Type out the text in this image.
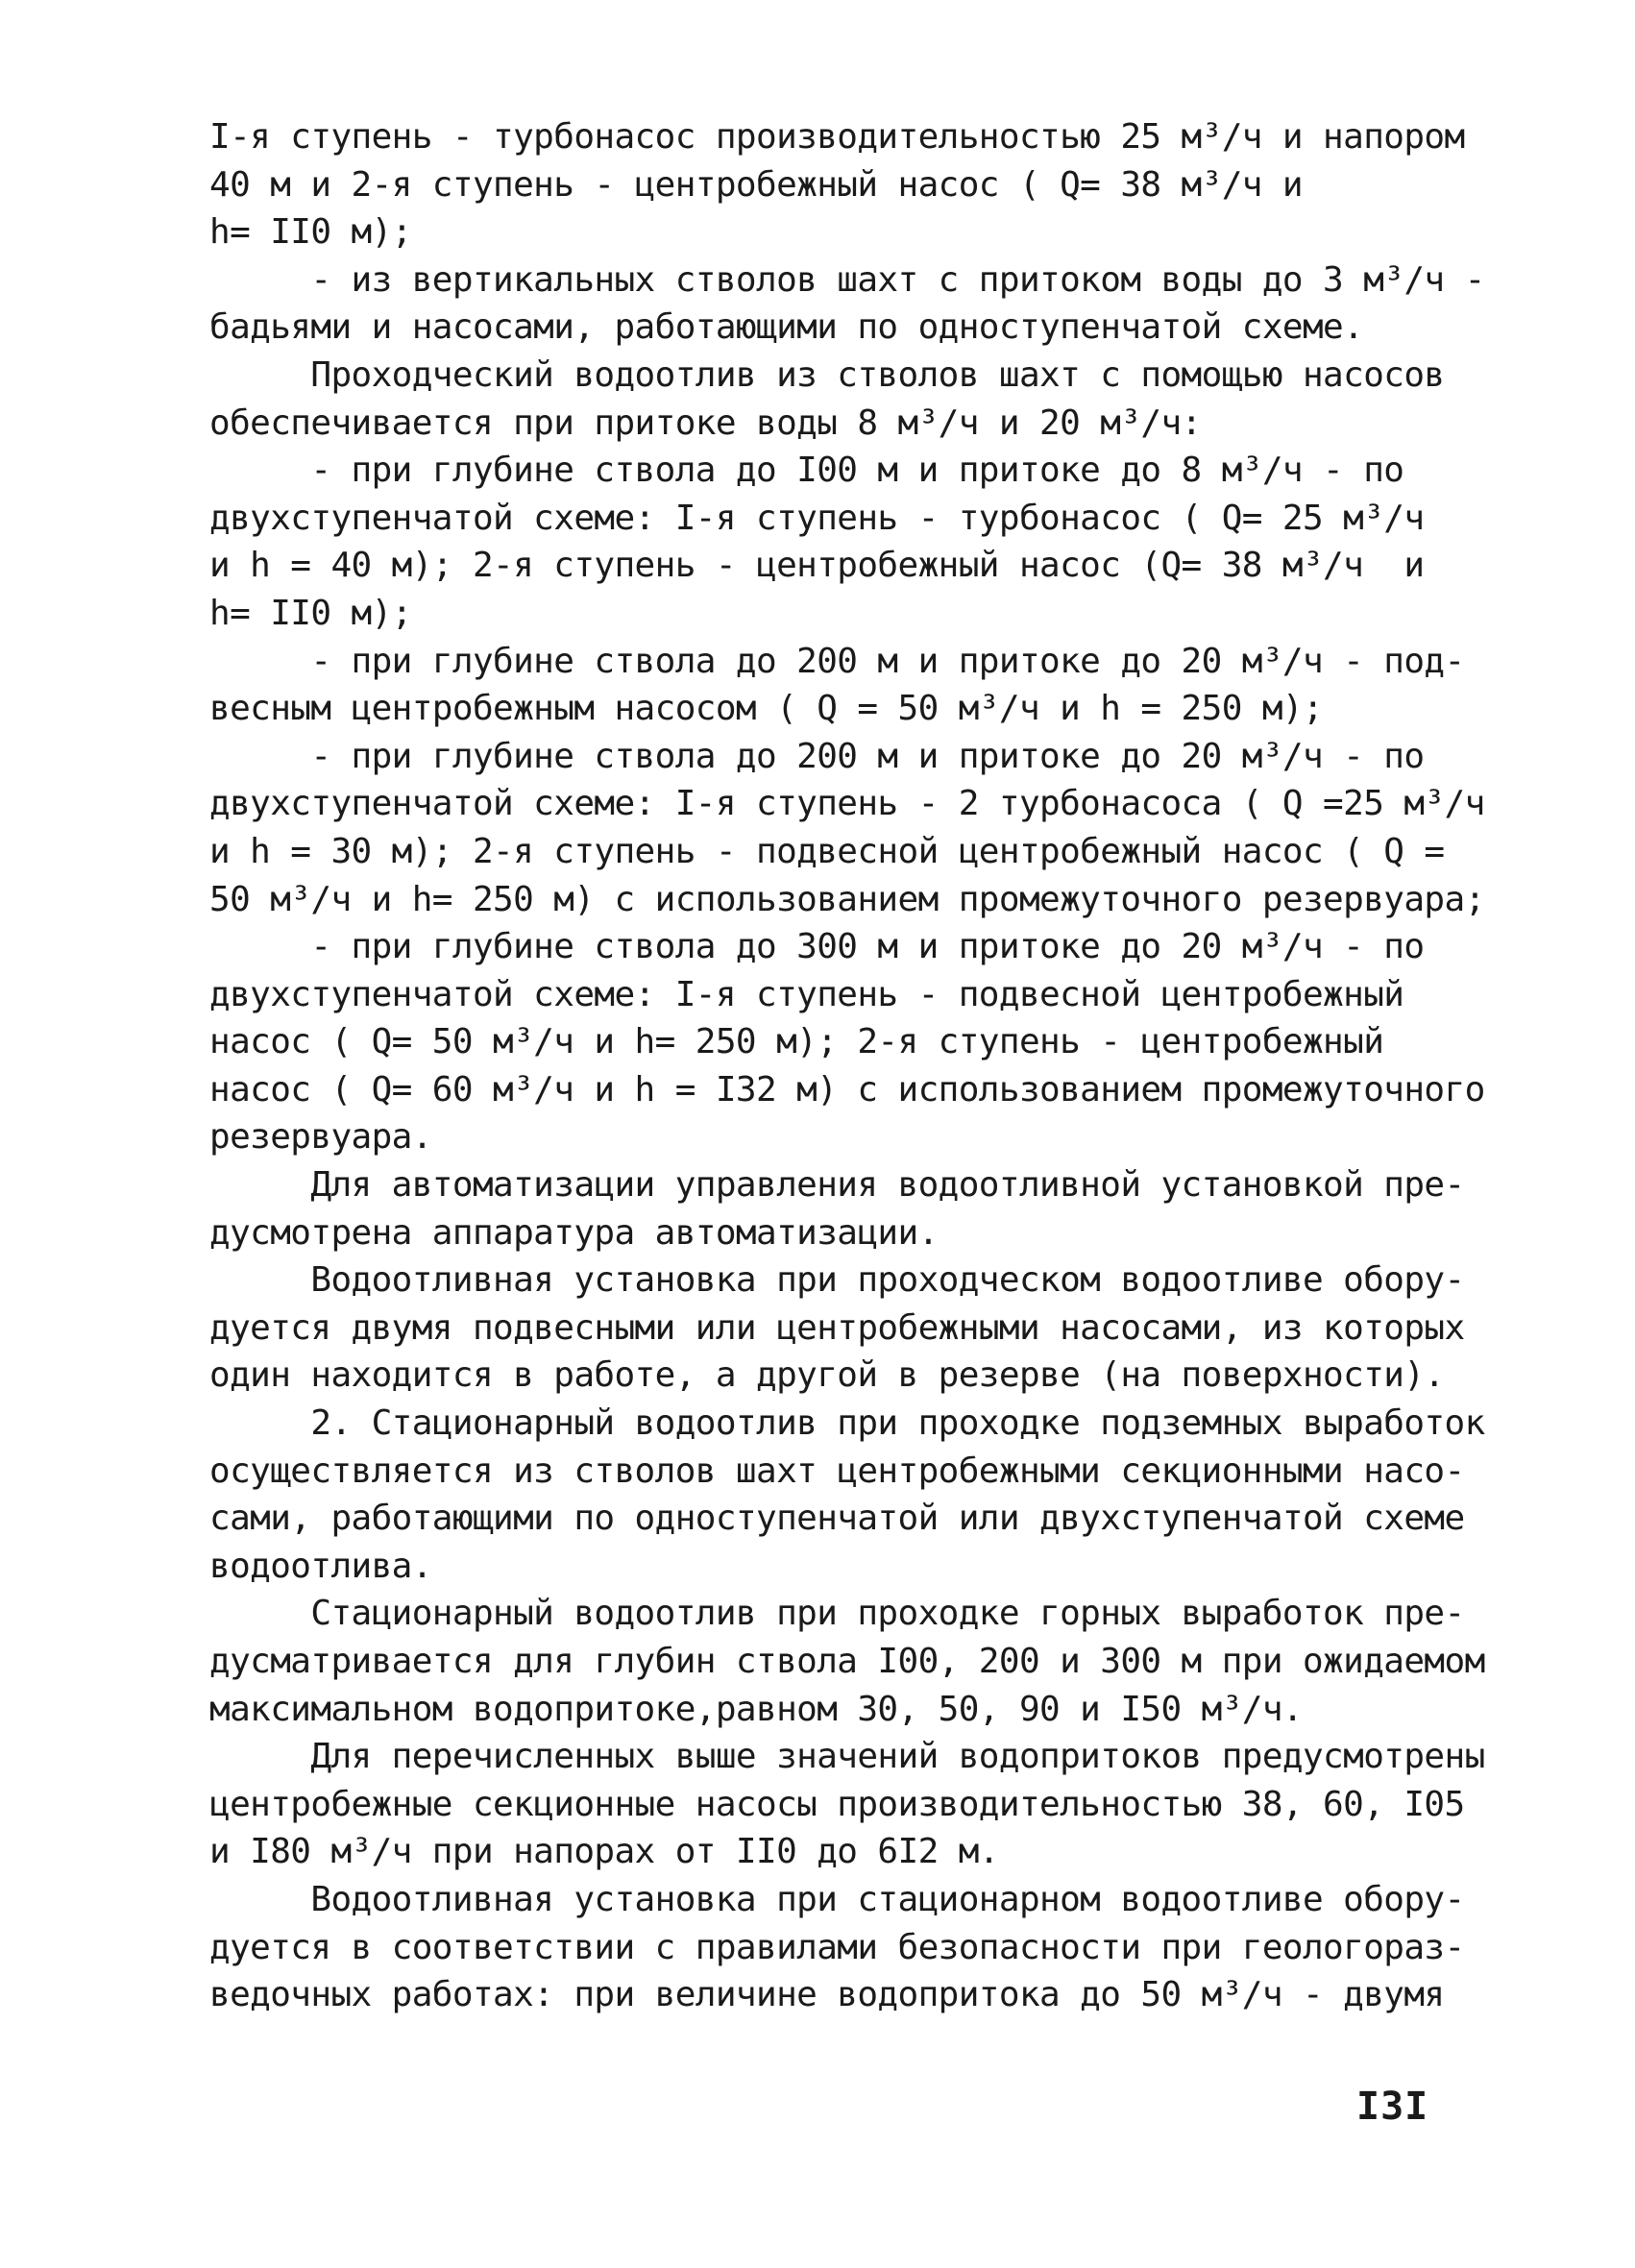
I-я ступень - турбонасос производительностью 25 м³/ч и напором
40 м и 2-я ступень - центробежный насос ( Q= 38 м³/ч и
h= II0 м);
- из вертикальных стволов шахт с притоком воды до 3 м³/ч -
бадьями и насосами, работающими по одноступенчатой схеме.
Проходческий водоотлив из стволов шахт с помощью насосов
обеспечивается при притоке воды 8 м³/ч и 20 м³/ч:
- при глубине ствола до I00 м и притоке до 8 м³/ч - по
двухступенчатой схеме: I-я ступень - турбонасос ( Q= 25 м³/ч
и h = 40 м); 2-я ступень - центробежный насос (Q= 38 м³/ч  и
h= II0 м);
- при глубине ствола до 200 м и притоке до 20 м³/ч - под-
весным центробежным насосом ( Q = 50 м³/ч и h = 250 м);
- при глубине ствола до 200 м и притоке до 20 м³/ч - по
двухступенчатой схеме: I-я ступень - 2 турбонасоса ( Q =25 м³/ч
и h = 30 м); 2-я ступень - подвесной центробежный насос ( Q =
50 м³/ч и h= 250 м) с использованием промежуточного резервуара;
- при глубине ствола до 300 м и притоке до 20 м³/ч - по
двухступенчатой схеме: I-я ступень - подвесной центробежный
насос ( Q= 50 м³/ч и h= 250 м); 2-я ступень - центробежный
насос ( Q= 60 м³/ч и h = I32 м) с использованием промежуточного
резервуара.
Для автоматизации управления водоотливной установкой пре-
дусмотрена аппаратура автоматизации.
Водоотливная установка при проходческом водоотливе обору-
дуется двумя подвесными или центробежными насосами, из которых
один находится в работе, а другой в резерве (на поверхности).
2. Стационарный водоотлив при проходке подземных выработок
осуществляется из стволов шахт центробежными секционными насо-
сами, работающими по одноступенчатой или двухступенчатой схеме
водоотлива.
Стационарный водоотлив при проходке горных выработок пре-
дусматривается для глубин ствола I00, 200 и 300 м при ожидаемом
максимальном водопритоке,равном 30, 50, 90 и I50 м³/ч.
Для перечисленных выше значений водопритоков предусмотрены
центробежные секционные насосы производительностью 38, 60, I05
и I80 м³/ч при напорах от II0 до 6I2 м.
Водоотливная установка при стационарном водоотливе обору-
дуется в соответствии с правилами безопасности при геологораз-
ведочных работах: при величине водопритока до 50 м³/ч - двумя
I3I
